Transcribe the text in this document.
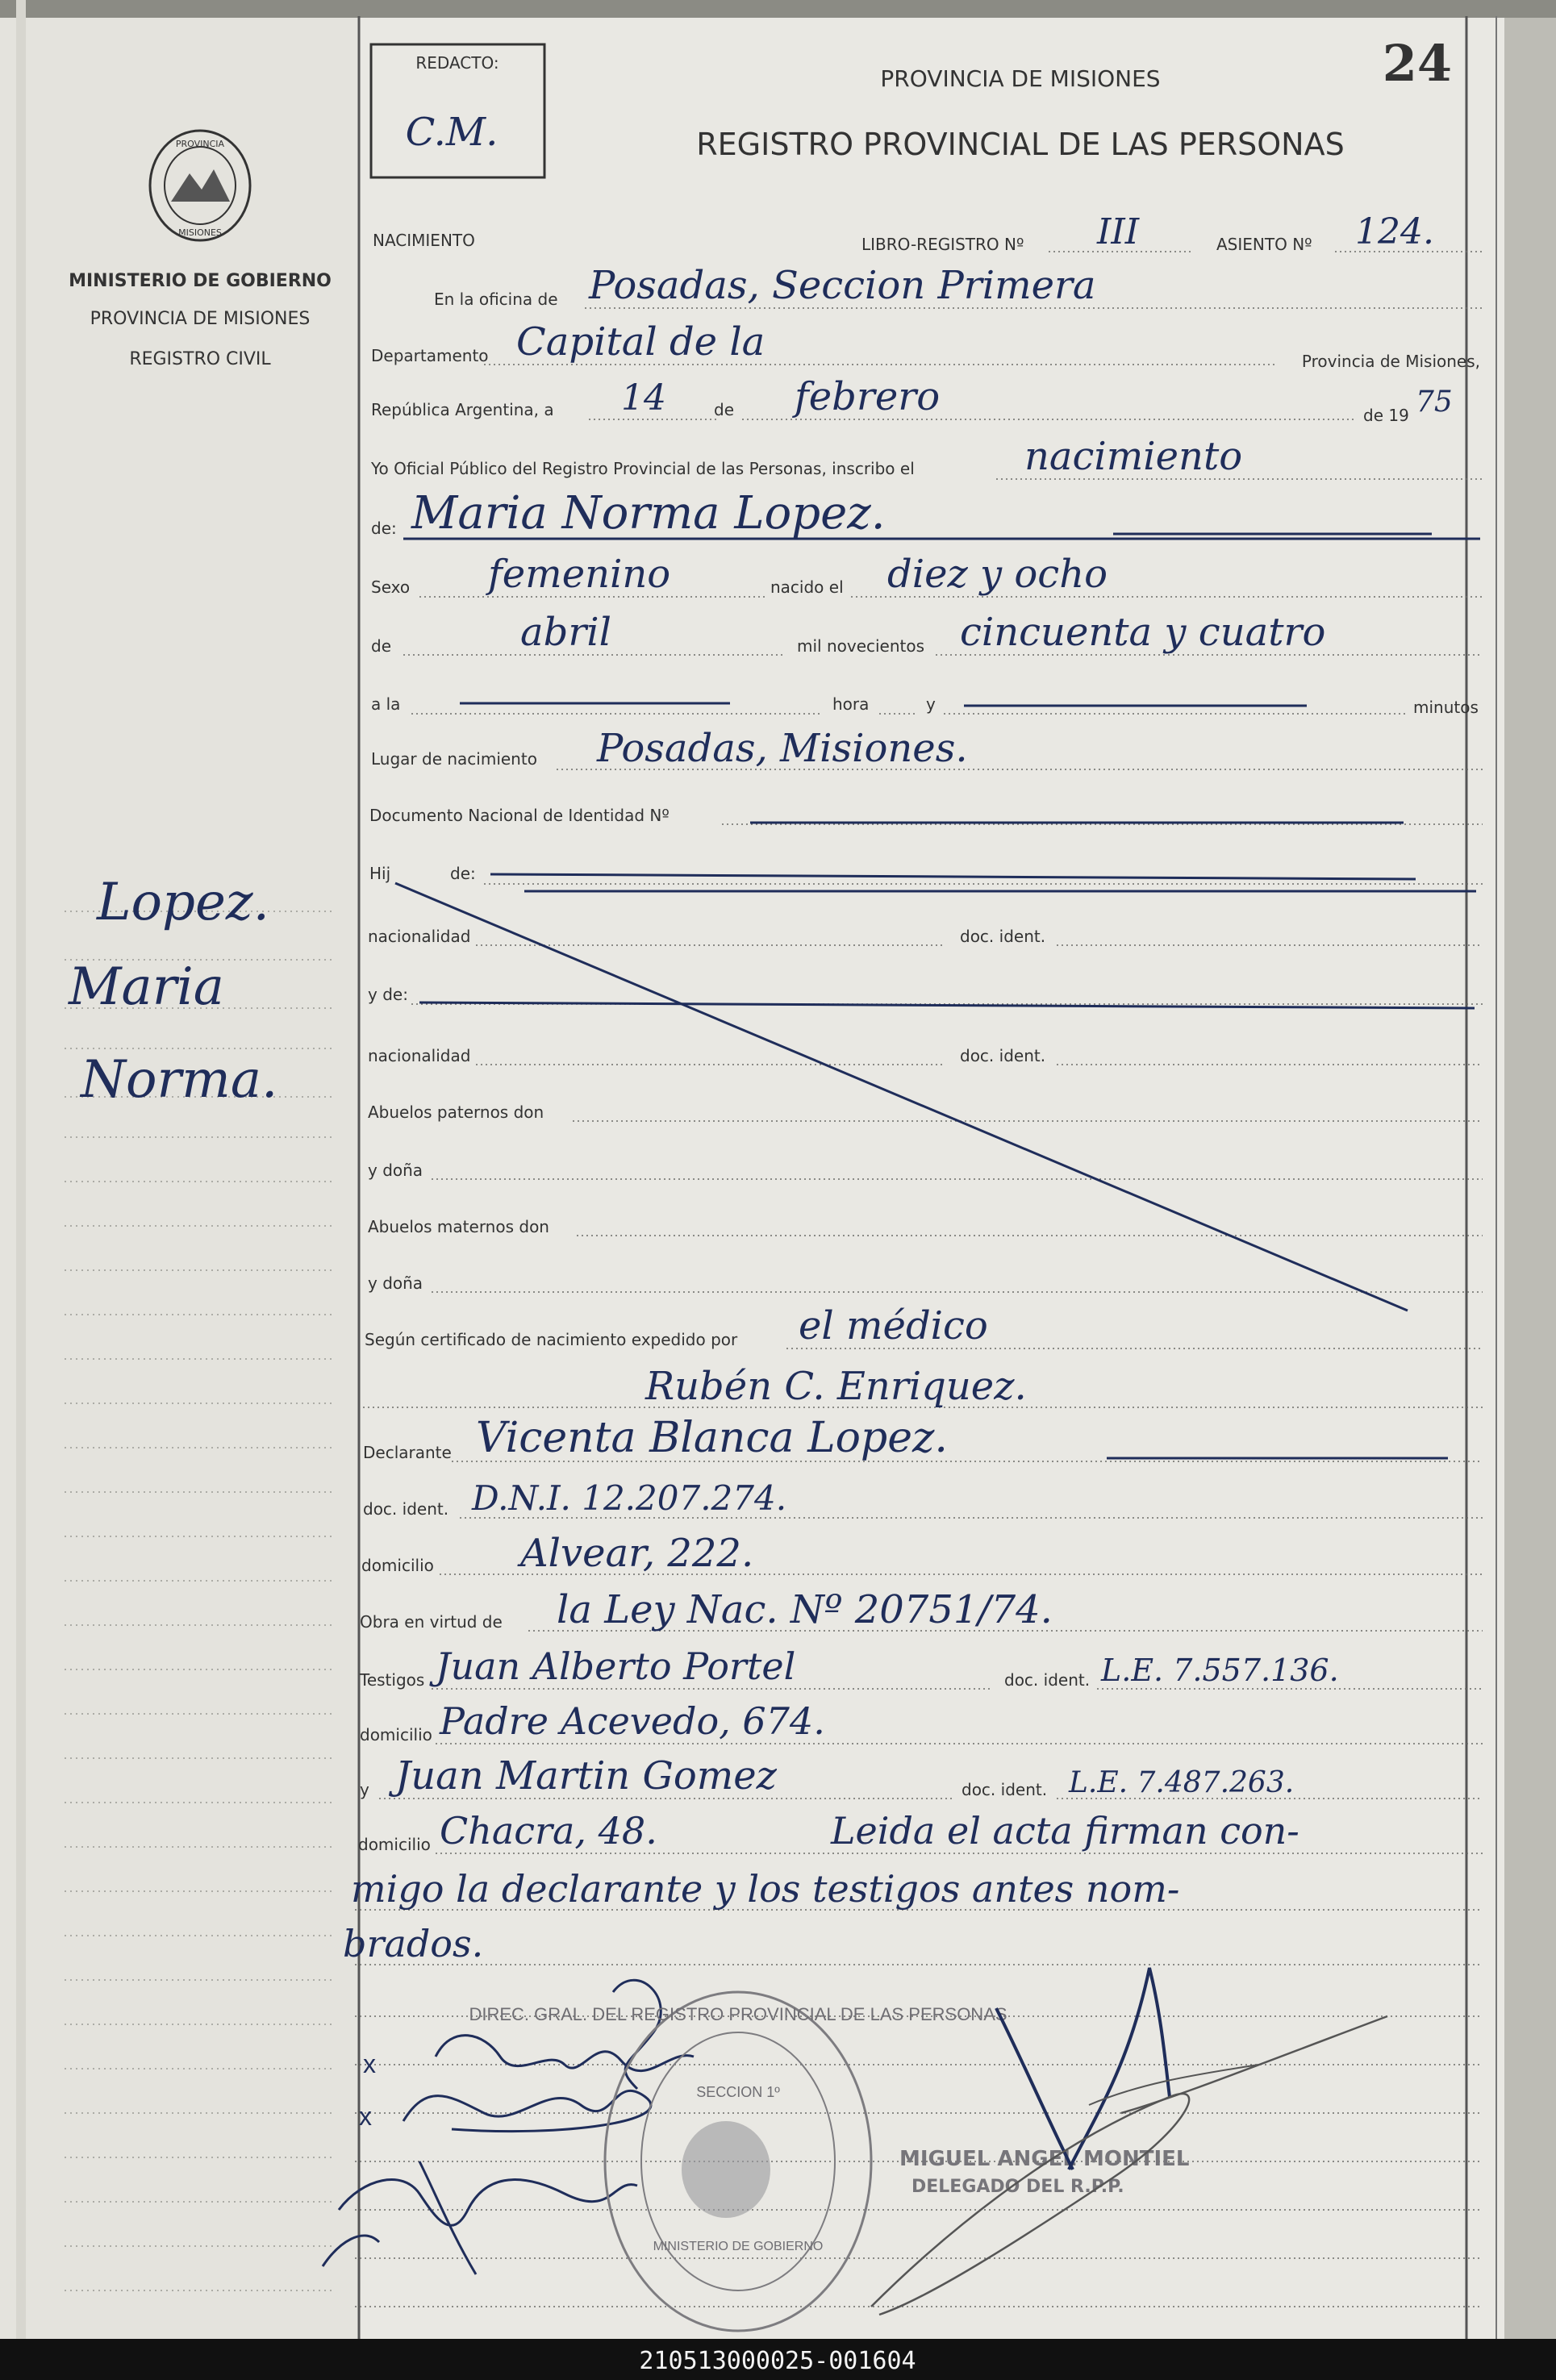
REDACTO:
C.M.
PROVINCIA DE MISIONES
REGISTRO PROVINCIAL DE LAS PERSONAS
24
PROVINCIA
MISIONES
MINISTERIO DE GOBIERNO
PROVINCIA DE MISIONES
REGISTRO CIVIL
Lopez.
Maria
Norma.
NACIMIENTO	LIBRO-REGISTRO Nº III	ASIENTO Nº 124.
En la oficina de Posadas, Seccion Primera
Departamento Capital de la	Provincia de Misiones,
República Argentina, a 14	de febrero	de 19 75
Yo Oficial Público del Registro Provincial de las Personas, inscribo el	nacimiento
de: Maria Norma Lopez.
Sexo femenino	nacido el diez y ocho
de	abril	mil novecientos cincuenta y cuatro
a la	hora	y	minutos
Lugar de nacimiento Posadas, Misiones.
Documento Nacional de Identidad Nº
Hij	de:
nacionalidad	doc. ident.
y de:
nacionalidad	doc. ident.
Abuelos paternos don
y doña
Abuelos maternos don
y doña
Según certificado de nacimiento expedido por el médico
Rubén C. Enriquez.
Declarante Vicenta Blanca Lopez.
doc. ident. D.N.I. 12.207.274.
domicilio Alvear, 222.
Obra en virtud de la Ley Nac. Nº 20751/74.
Testigos Juan Alberto Portel	doc. ident. L.E. 7.557.136.
domicilio Padre Acevedo, 674.
y Juan Martin Gomez	doc. ident. L.E. 7.487.263.
domicilio Chacra, 48.	Leida el acta firman con-
migo la declarante y los testigos antes nom-
brados.
x
x
DIREC. GRAL. DEL REGISTRO PROVINCIAL DE LAS PERSONAS
SECCION 1º
MINISTERIO DE GOBIERNO
MIGUEL ANGEL MONTIEL
DELEGADO DEL R.P.P.
210513000025-001604
